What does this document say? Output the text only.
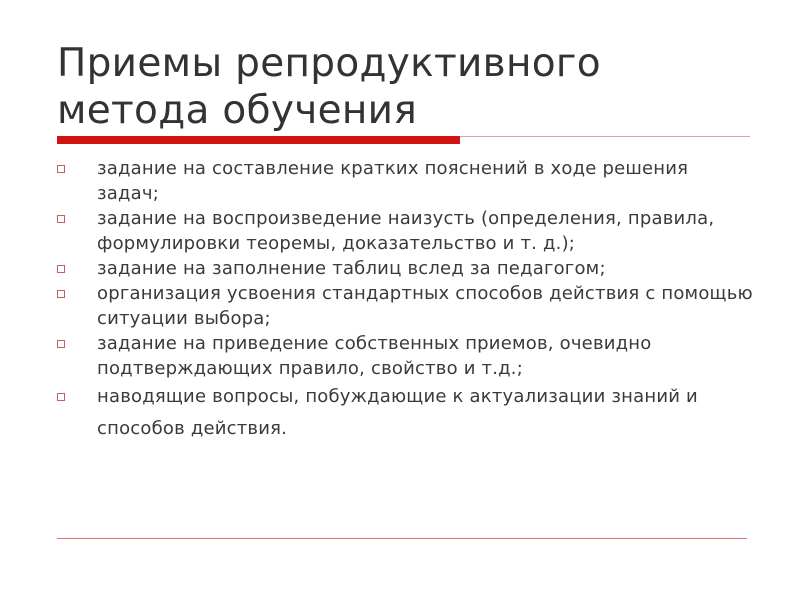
Приемы репродуктивного метода обучения
задание на составление кратких пояснений в ходе решения задач;
задание на воспроизведение наизусть (определения, правила, формулировки теоремы, доказательство и т. д.);
задание на заполнение таблиц вслед за педагогом;
организация усвоения стандартных способов действия с помощью ситуации выбора;
задание на приведение собственных приемов, очевидно подтверждающих правило, свойство и т.д.;
наводящие вопросы, побуждающие к актуализации знаний и способов действия.
